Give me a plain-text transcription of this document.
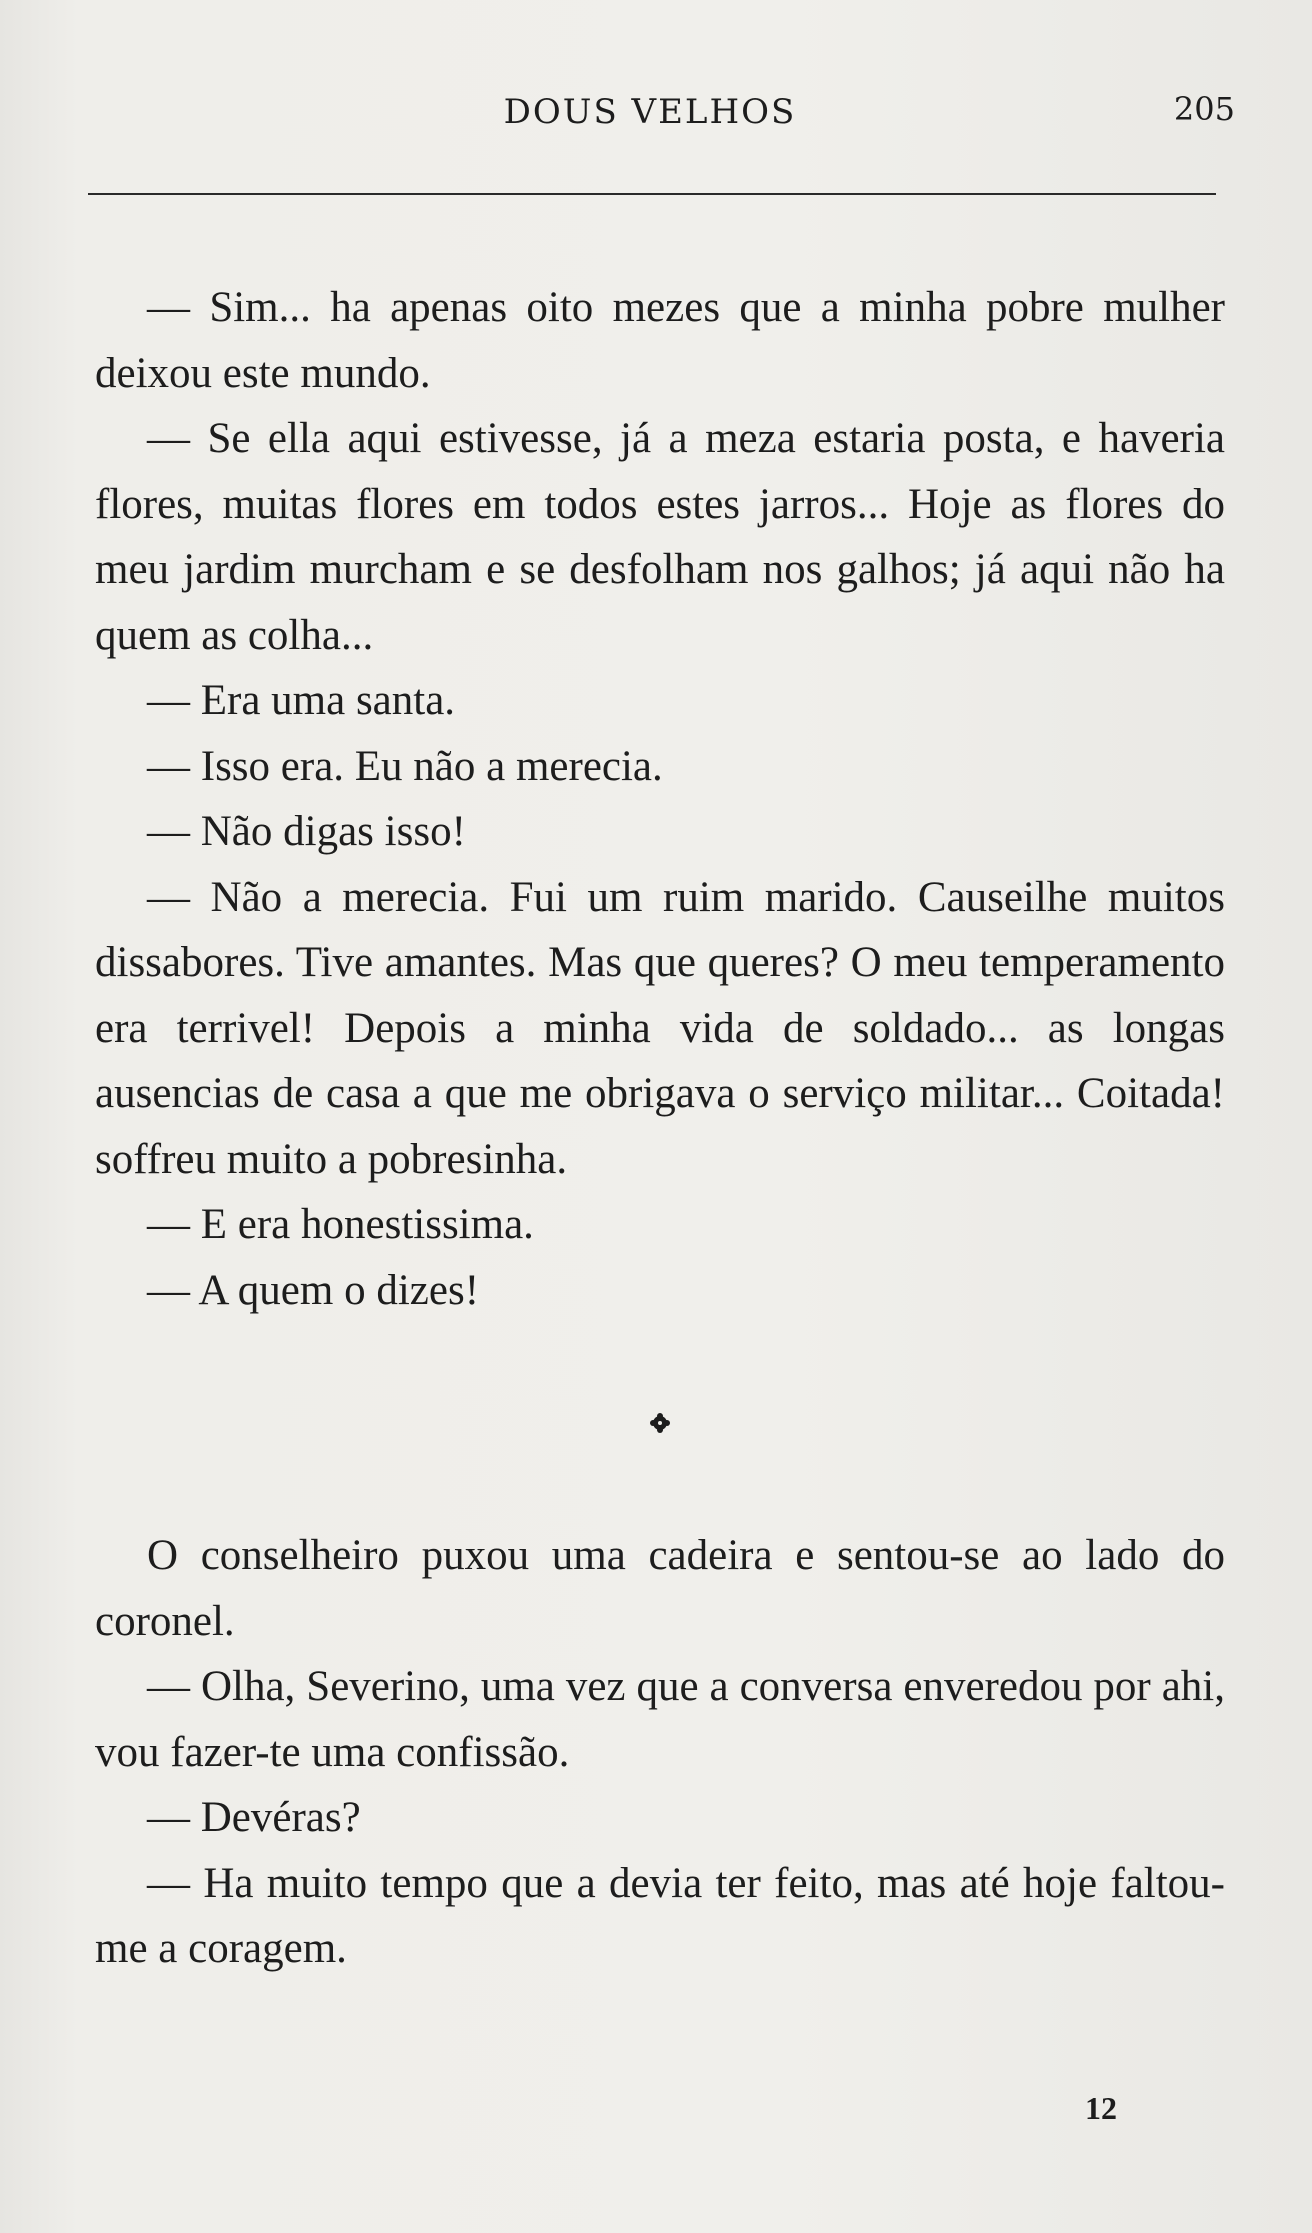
DOUS VELHOS	205

— Sim... ha apenas oito mezes que a minha pobre mulher deixou este mundo.

— Se ella aqui estivesse, já a meza estaria posta, e haveria flores, muitas flores em todos estes jarros... Hoje as flores do meu jardim murcham e se desfolham nos galhos; já aqui não ha quem as colha...

— Era uma santa.

— Isso era. Eu não a merecia.

— Não digas isso!

— Não a merecia. Fui um ruim marido. Causeilhe muitos dissabores. Tive amantes. Mas que queres? O meu temperamento era terrivel! Depois a minha vida de soldado... as longas ausencias de casa a que me obrigava o serviço militar... Coitada! soffreu muito a pobresinha.

— E era honestissima.

— A quem o dizes!

O conselheiro puxou uma cadeira e sentou-se ao lado do coronel.

— Olha, Severino, uma vez que a conversa enveredou por ahi, vou fazer-te uma confissão.

— Devéras?

— Ha muito tempo que a devia ter feito, mas até hoje faltou-me a coragem.

12
